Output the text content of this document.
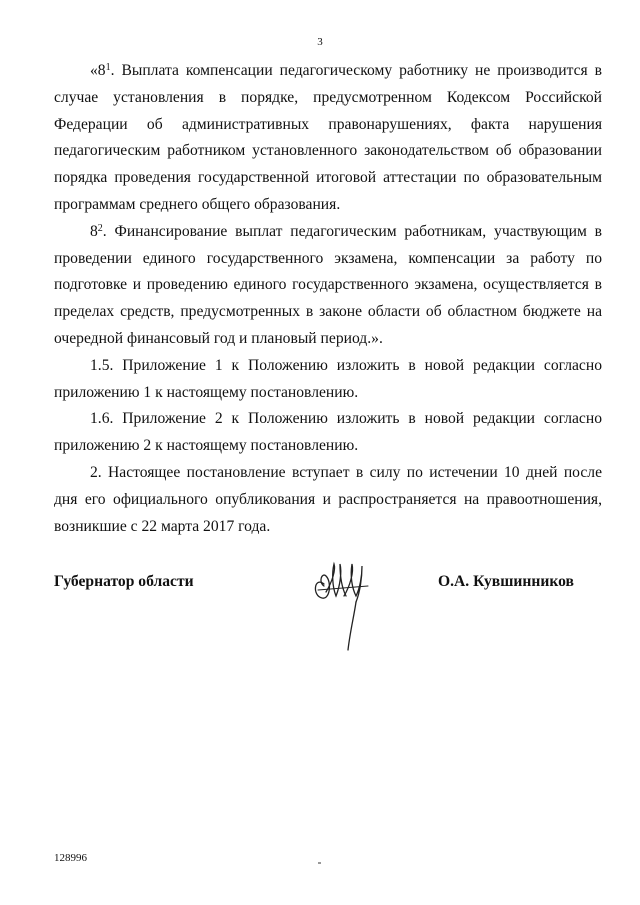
3

«$8^1$. Выплата компенсации педагогическому работнику не производится в случае установления в порядке, предусмотренном Кодексом Российской Федерации об административных правонарушениях, факта нарушения педагогическим работником установленного законодательством об образовании порядка проведения государственной итоговой аттестации по образовательным программам среднего общего образования.

$8^2$. Финансирование выплат педагогическим работникам, участвующим в проведении единого государственного экзамена, компенсации за работу по подготовке и проведению единого государственного экзамена, осуществляется в пределах средств, предусмотренных в законе области об областном бюджете на очередной финансовый год и плановый период.».

1.5. Приложение 1 к Положению изложить в новой редакции согласно приложению 1 к настоящему постановлению.

1.6. Приложение 2 к Положению изложить в новой редакции согласно приложению 2 к настоящему постановлению.

2. Настоящее постановление вступает в силу по истечении 10 дней после дня его официального опубликования и распространяется на правоотношения, возникшие с 22 марта 2017 года.

Губернатор области	О.А. Кувшинников
128996
